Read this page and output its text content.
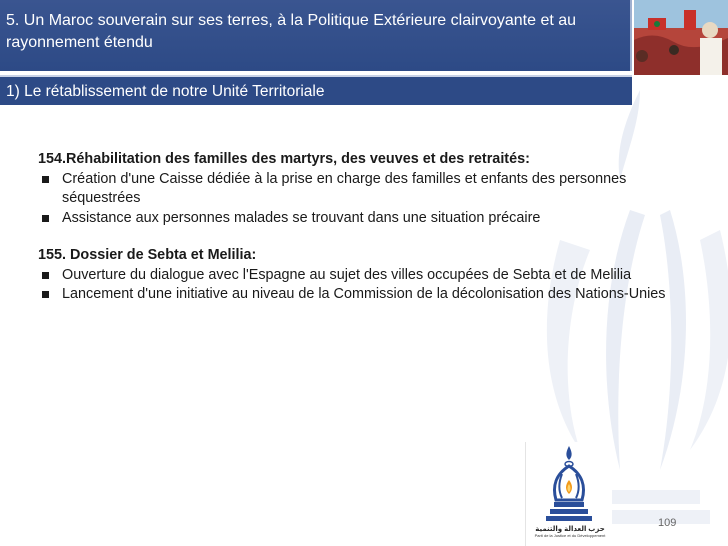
5. Un Maroc souverain sur ses terres, à la Politique Extérieure clairvoyante et au rayonnement étendu
1) Le rétablissement de notre Unité Territoriale
154.Réhabilitation des familles des martyrs, des veuves et des retraités:
Création d'une Caisse dédiée à la prise en charge des familles et enfants des personnes séquestrées
Assistance aux personnes malades se trouvant dans une situation précaire
155. Dossier de Sebta et Melilia:
Ouverture du dialogue avec l'Espagne au sujet des villes occupées de Sebta et de Melilia
Lancement d'une initiative au niveau de la Commission de la décolonisation des Nations-Unies
حزب العدالة والتنمية
Parti de la Justice et du Développement
109
